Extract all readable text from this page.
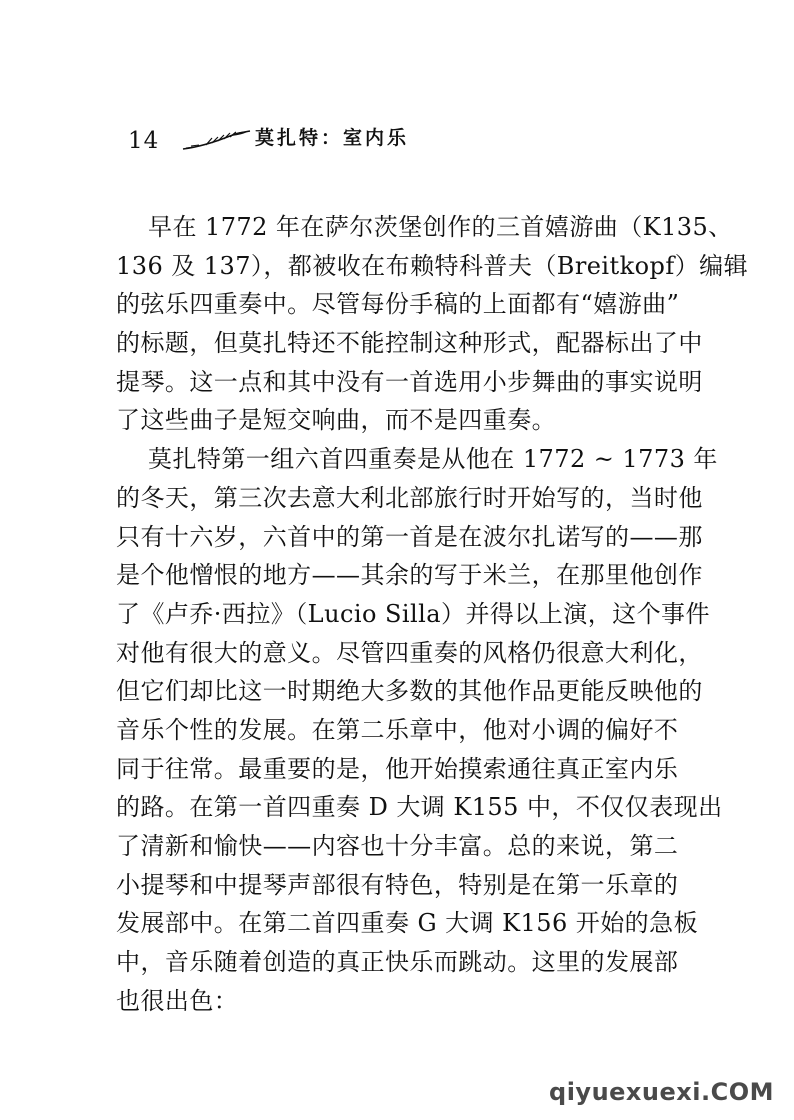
14	莫扎特：室内乐
早在 1772 年在萨尔茨堡创作的三首嬉游曲（K135、
136 及 137），都被收在布赖特科普夫（Breitkopf）编辑
的弦乐四重奏中。尽管每份手稿的上面都有“嬉游曲”
的标题，但莫扎特还不能控制这种形式，配器标出了中
提琴。这一点和其中没有一首选用小步舞曲的事实说明
了这些曲子是短交响曲，而不是四重奏。
莫扎特第一组六首四重奏是从他在 1772 ~ 1773 年
的冬天，第三次去意大利北部旅行时开始写的，当时他
只有十六岁，六首中的第一首是在波尔扎诺写的——那
是个他憎恨的地方——其余的写于米兰，在那里他创作
了《卢乔·西拉》（Lucio Silla）并得以上演，这个事件
对他有很大的意义。尽管四重奏的风格仍很意大利化，
但它们却比这一时期绝大多数的其他作品更能反映他的
音乐个性的发展。在第二乐章中，他对小调的偏好不
同于往常。最重要的是，他开始摸索通往真正室内乐
的路。在第一首四重奏 D 大调 K155 中，不仅仅表现出
了清新和愉快——内容也十分丰富。总的来说，第二
小提琴和中提琴声部很有特色，特别是在第一乐章的
发展部中。在第二首四重奏 G 大调 K156 开始的急板
中，音乐随着创造的真正快乐而跳动。这里的发展部
也很出色：
qiyuexuexi.COM
